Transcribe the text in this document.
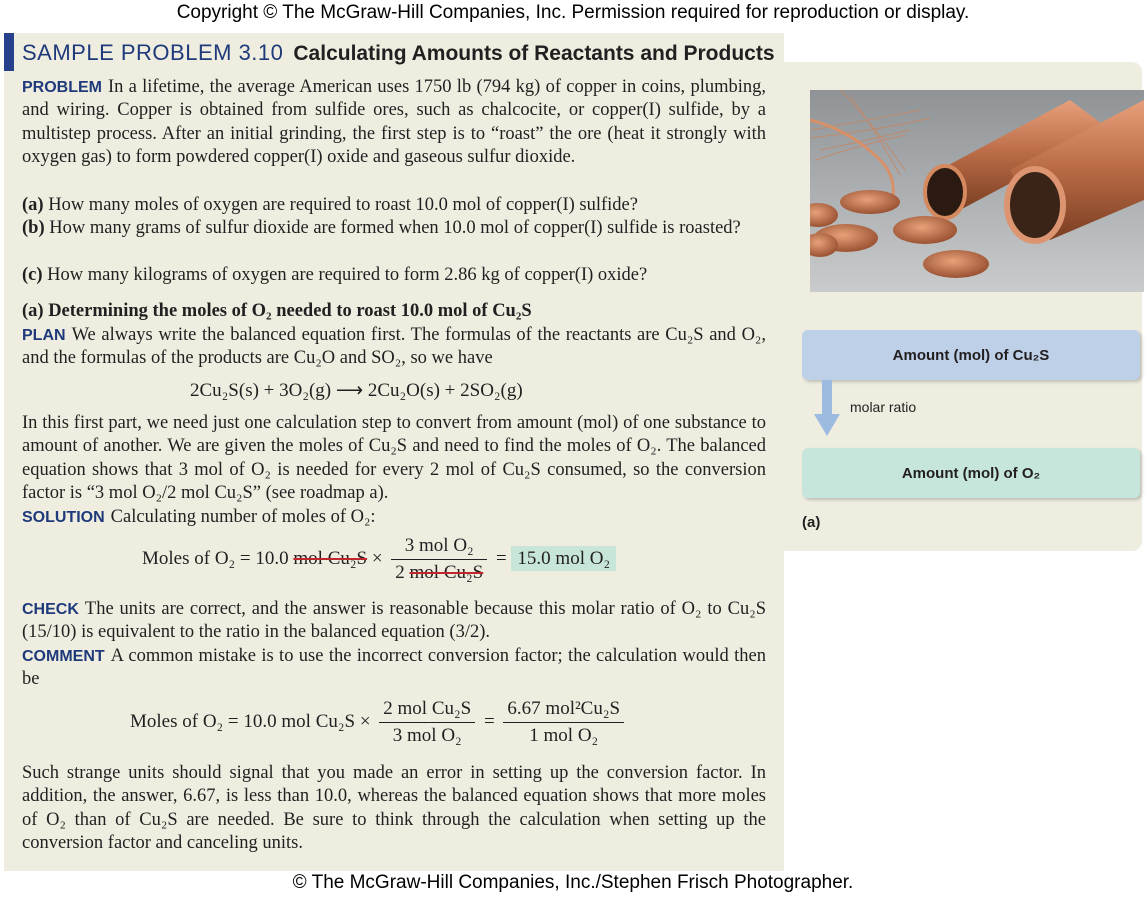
Copyright © The McGraw-Hill Companies, Inc. Permission required for reproduction or display.
SAMPLE PROBLEM 3.10 Calculating Amounts of Reactants and Products
PROBLEM In a lifetime, the average American uses 1750 lb (794 kg) of copper in coins, plumbing, and wiring. Copper is obtained from sulfide ores, such as chalcocite, or copper(I) sulfide, by a multistep process. After an initial grinding, the first step is to “roast” the ore (heat it strongly with oxygen gas) to form powdered copper(I) oxide and gaseous sulfur dioxide.
(a) How many moles of oxygen are required to roast 10.0 mol of copper(I) sulfide?
(b) How many grams of sulfur dioxide are formed when 10.0 mol of copper(I) sulfide is roasted?
(c) How many kilograms of oxygen are required to form 2.86 kg of copper(I) oxide?
(a) Determining the moles of O₂ needed to roast 10.0 mol of Cu₂S
PLAN We always write the balanced equation first. The formulas of the reactants are Cu₂S and O₂, and the formulas of the products are Cu₂O and SO₂, so we have
2Cu₂S(s) + 3O₂(g) ⟶ 2Cu₂O(s) + 2SO₂(g)
In this first part, we need just one calculation step to convert from amount (mol) of one substance to amount of another. We are given the moles of Cu₂S and need to find the moles of O₂. The balanced equation shows that 3 mol of O₂ is needed for every 2 mol of Cu₂S consumed, so the conversion factor is “3 mol O₂/2 mol Cu₂S” (see roadmap a).
SOLUTION Calculating number of moles of O₂:
Moles of O₂ = 10.0 mol $Cu_2S \times \frac{\text{3 mol O₂}}{\text{2 mol Cu₂S}} = 15.0$ mol O₂
CHECK The units are correct, and the answer is reasonable because this molar ratio of O₂ to Cu₂S (15/10) is equivalent to the ratio in the balanced equation (3/2).
COMMENT A common mistake is to use the incorrect conversion factor; the calculation would then be
Moles of O₂ = 10.0 mol $Cu_2S \times \frac{\text{2 mol Cu₂S}}{\text{3 mol O₂}} = \frac{\text{6.67 mol²Cu₂S}}{\text{1 mol O₂}}$
Such strange units should signal that you made an error in setting up the conversion factor. In addition, the answer, 6.67, is less than 10.0, whereas the balanced equation shows that more moles of O₂ than of Cu₂S are needed. Be sure to think through the calculation when setting up the conversion factor and canceling units.
Amount (mol) of Cu₂S
molar ratio
Amount (mol) of O₂
(a)
© The McGraw-Hill Companies, Inc./Stephen Frisch Photographer.
